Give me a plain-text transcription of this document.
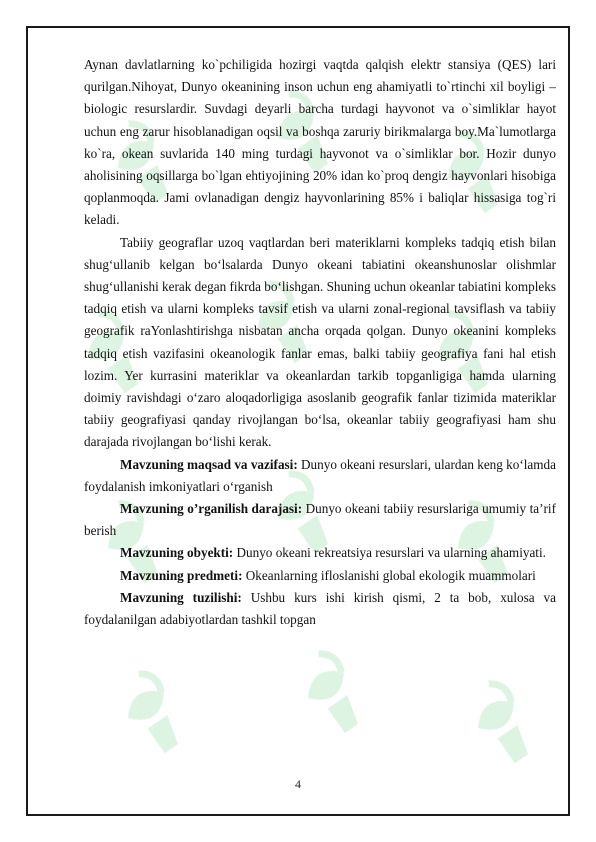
Aynan davlatlarning ko`pchiligida hozirgi vaqtda qalqish elektr stansiya (QES) lari qurilgan.Nihoyat, Dunyo okeanining inson uchun eng ahamiyatli to`rtinchi xil boyligi – biologic resurslardir. Suvdagi deyarli barcha turdagi hayvonot va o`simliklar hayot uchun eng zarur hisoblanadigan oqsil va boshqa zaruriy birikmalarga boy.Ma`lumotlarga ko`ra, okean suvlarida 140 ming turdagi hayvonot va o`simliklar bor. Hozir dunyo aholisining oqsillarga bo`lgan ehtiyojining 20% idan ko`proq dengiz hayvonlari hisobiga qoplanmoqda. Jami ovlanadigan dengiz hayvonlarining 85% i baliqlar hissasiga tog`ri keladi.

Tabiiy geograflar uzoq vaqtlardan beri materiklarni kompleks tadqiq etish bilan shug‘ullanib kelgan bo‘lsalarda Dunyo okeani tabiatini okeanshunoslar olishmlar shug‘ullanishi kerak degan fikrda bo‘lishgan. Shuning uchun okeanlar tabiatini kompleks tadqiq etish va ularni kompleks tavsif etish va ularni zonal-regional tavsiflash va tabiiy geografik raYonlashtirishga nisbatan ancha orqada qolgan. Dunyo okeanini kompleks tadqiq etish vazifasini okeanologik fanlar emas, balki tabiiy geografiya fani hal etish lozim. Yer kurrasini materiklar va okeanlardan tarkib topganligiga hamda ularning doimiy ravishdagi o‘zaro aloqadorligiga asoslanib geografik fanlar tizimida materiklar tabiiy geografiyasi qanday rivojlangan bo‘lsa, okeanlar tabiiy geografiyasi ham shu darajada rivojlangan bo‘lishi kerak.

Mavzuning maqsad va vazifasi: Dunyo okeani resurslari, ulardan keng ko‘lamda foydalanish imkoniyatlari o‘rganish

Mavzuning o’rganilish darajasi: Dunyo okeani tabiiy resurslariga umumiy ta’rif berish

Mavzuning obyekti: Dunyo okeani rekreatsiya resurslari va ularning ahamiyati.

Mavzuning predmeti: Okeanlarning ifloslanishi global ekologik muammolari

Mavzuning tuzilishi: Ushbu kurs ishi kirish qismi, 2 ta bob, xulosa va foydalanilgan adabiyotlardan tashkil topgan

4
